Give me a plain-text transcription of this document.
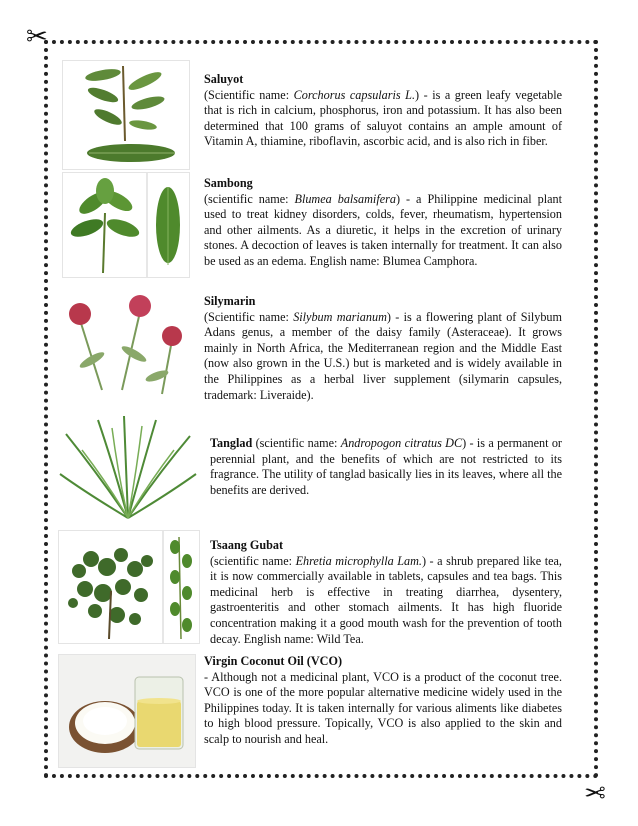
✂
✂
Saluyot
(Scientific name: Corchorus capsularis L.) - is a green leafy vegetable that is rich in calcium, phosphorus, iron and potassium. It has also been determined that 100 grams of saluyot contains an ample amount of Vitamin A, thiamine, riboflavin, ascorbic acid, and is also rich in fiber.
Sambong
(scientific name: Blumea balsamifera) - a Philippine medicinal plant used to treat kidney disorders, colds, fever, rheumatism, hypertension and other ailments. As a diuretic, it helps in the excretion of urinary stones. A decoction of leaves is taken internally for treatment. It can also be used as an edema. English name: Blumea Camphora.
Silymarin
(Scientific name: Silybum marianum) - is a flowering plant of Silybum Adans genus, a member of the daisy family (Asteraceae). It grows mainly in North Africa, the Mediterranean region and the Middle East (now also grown in the U.S.) but is marketed and is widely available in the Philippines as a herbal liver supplement (silymarin capsules, trademark: Liveraide).
Tanglad (scientific name: Andropogon citratus DC) - is a permanent or perennial plant, and the benefits of which are not restricted to its fragrance. The utility of tanglad basically lies in its leaves, where all the benefits are derived.
Tsaang Gubat
(scientific name: Ehretia microphylla Lam.) - a shrub prepared like tea, it is now commercially available in tablets, capsules and tea bags. This medicinal herb is effective in treating diarrhea, dysentery, gastroenteritis and other stomach ailments. It has high fluoride concentration making it a good mouth wash for the prevention of tooth decay. English name: Wild Tea.
Virgin Coconut Oil (VCO)
- Although not a medicinal plant, VCO is a product of the coconut tree. VCO is one of the more popular alternative medicine widely used in the Philippines today. It is taken internally for various aliments like diabetes to high blood pressure. Topically, VCO is also applied to the skin and scalp to nourish and heal.
